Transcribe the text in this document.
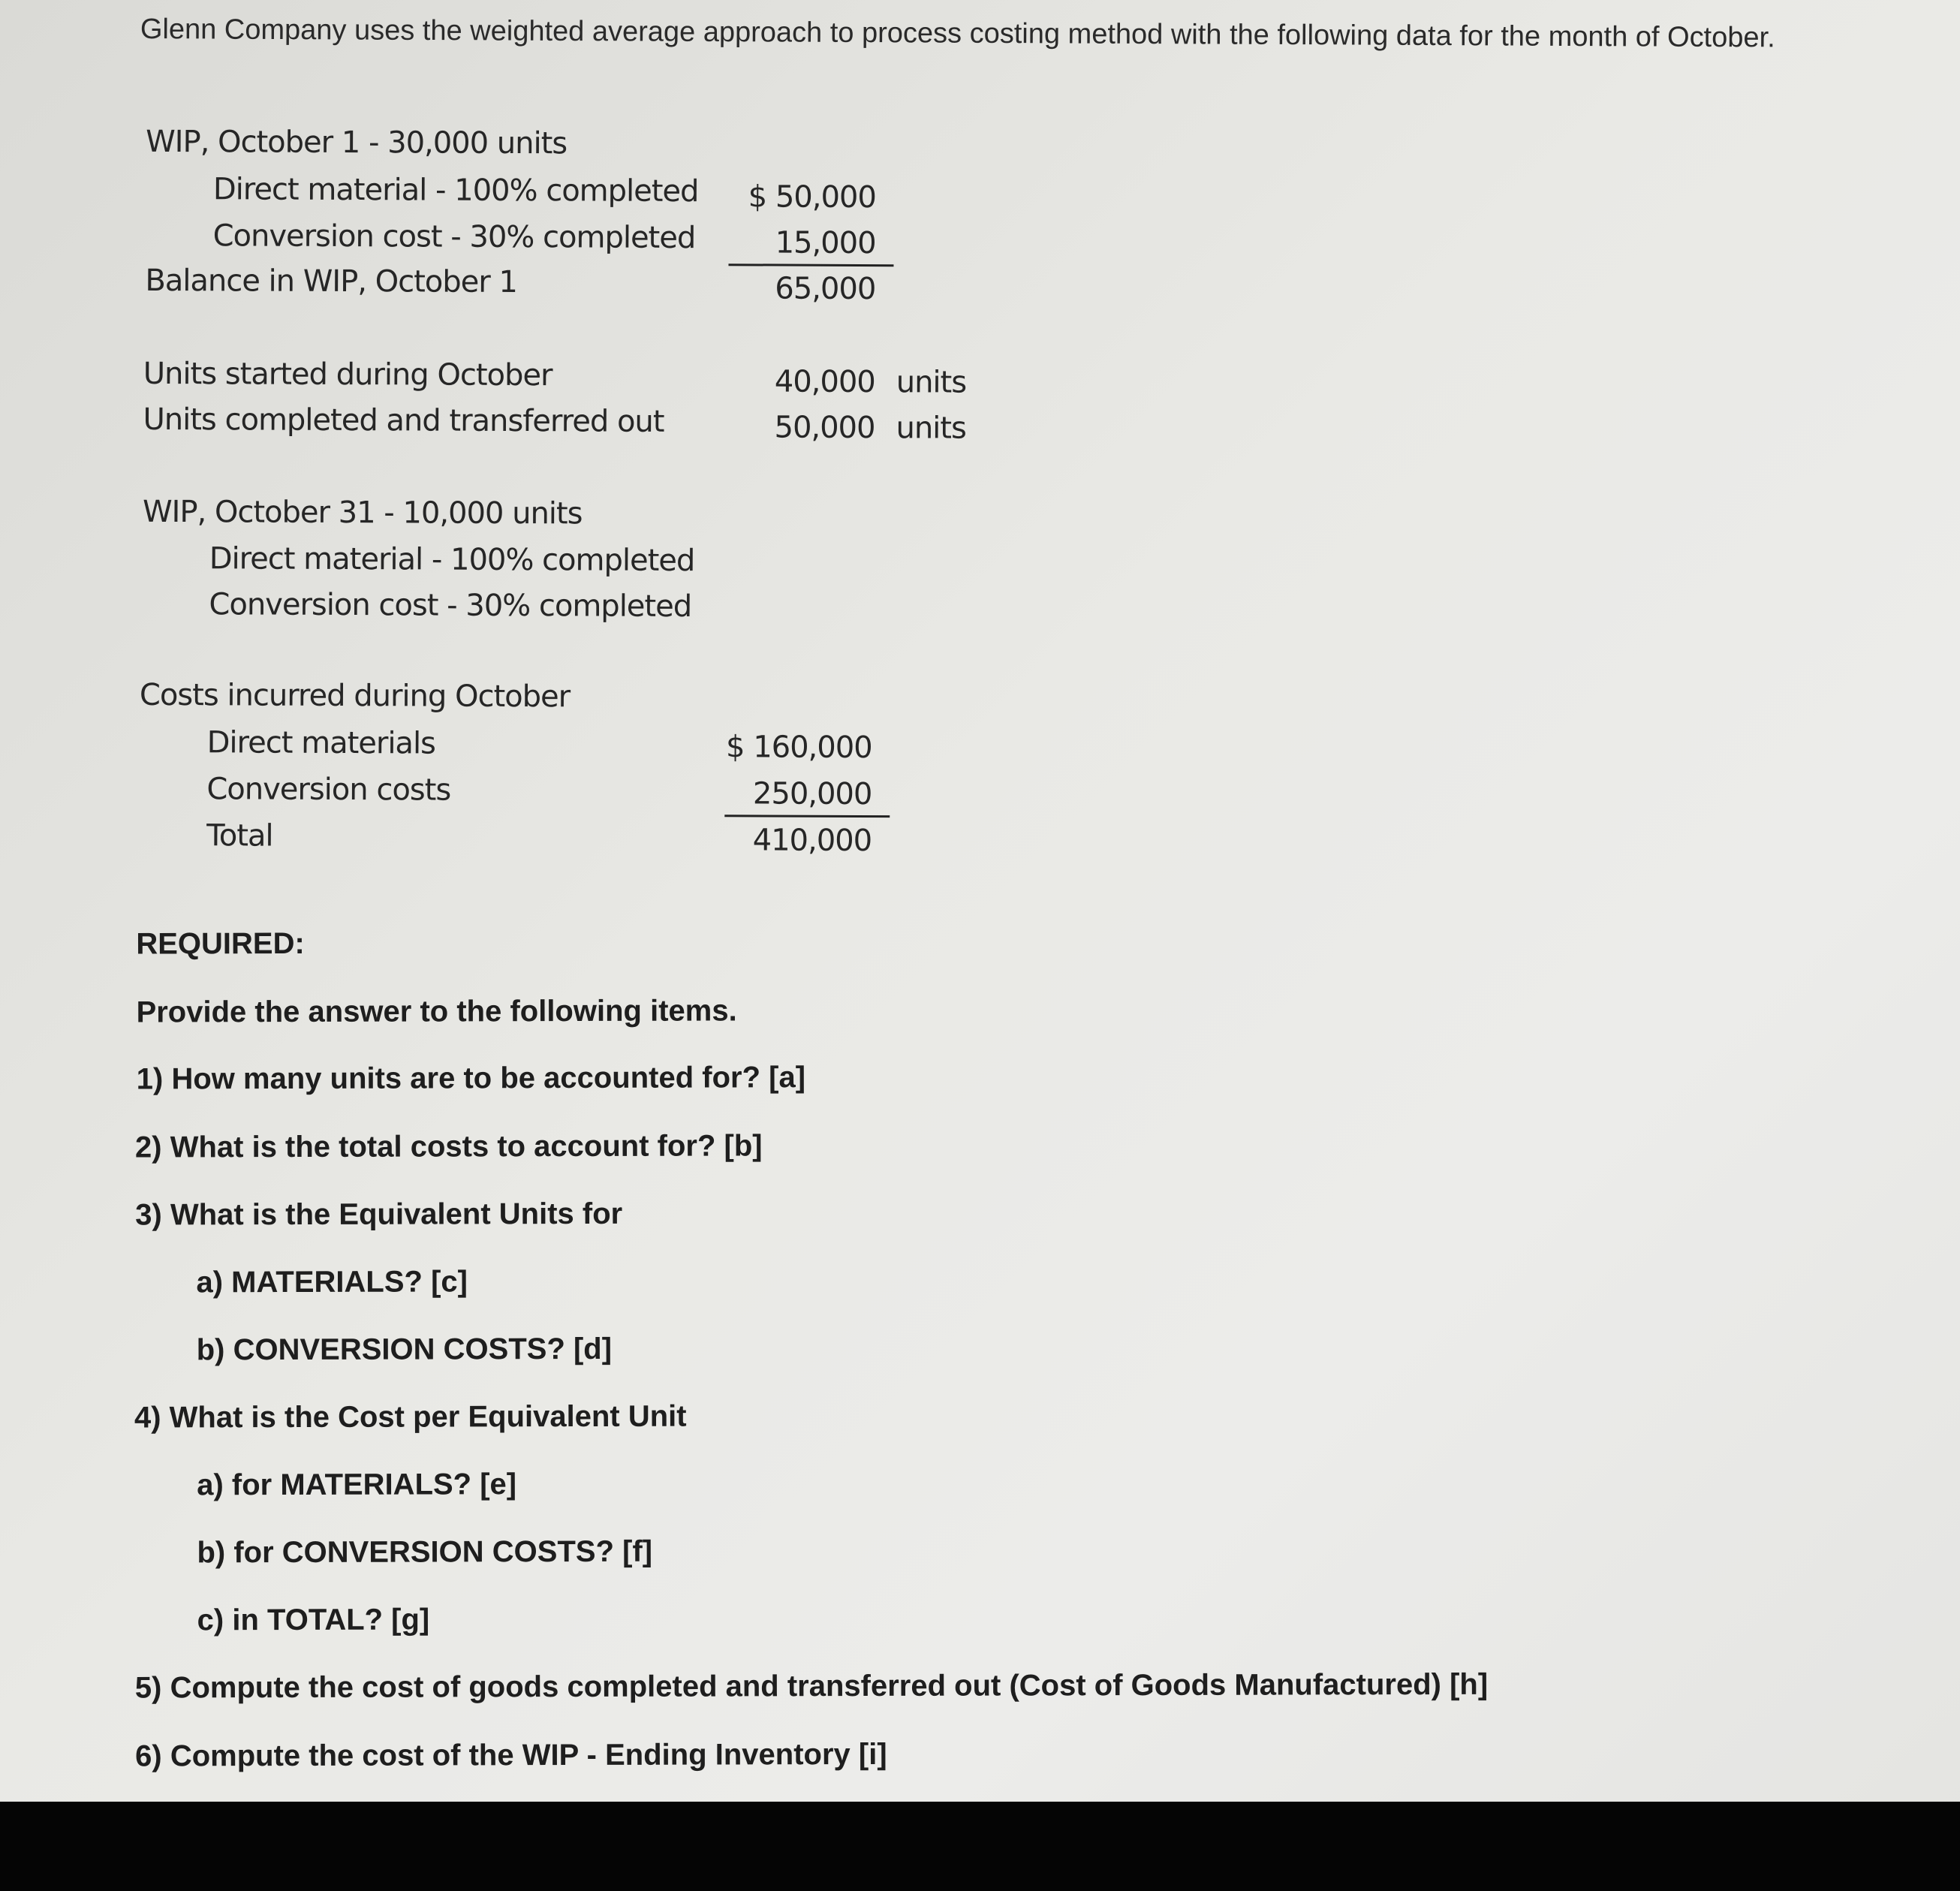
Glenn Company uses the weighted average approach to process costing method with the following data for the month of October.
WIP, October 1 - 30,000 units
Direct material - 100% completed	$ 50,000
Conversion cost - 30% completed	15,000
Balance in WIP, October 1	65,000
Units started during October	40,000 units
Units completed and transferred out	50,000 units
WIP, October 31 - 10,000 units
Direct material - 100% completed
Conversion cost - 30% completed
Costs incurred during October
Direct materials	$ 160,000
Conversion costs	250,000
Total	410,000
REQUIRED:
Provide the answer to the following items.
1) How many units are to be accounted for? [a]
2) What is the total costs to account for? [b]
3) What is the Equivalent Units for
a) MATERIALS? [c]
b) CONVERSION COSTS? [d]
4) What is the Cost per Equivalent Unit
a) for MATERIALS? [e]
b) for CONVERSION COSTS? [f]
c) in TOTAL? [g]
5) Compute the cost of goods completed and transferred out (Cost of Goods Manufactured) [h]
6) Compute the cost of the WIP - Ending Inventory [i]
